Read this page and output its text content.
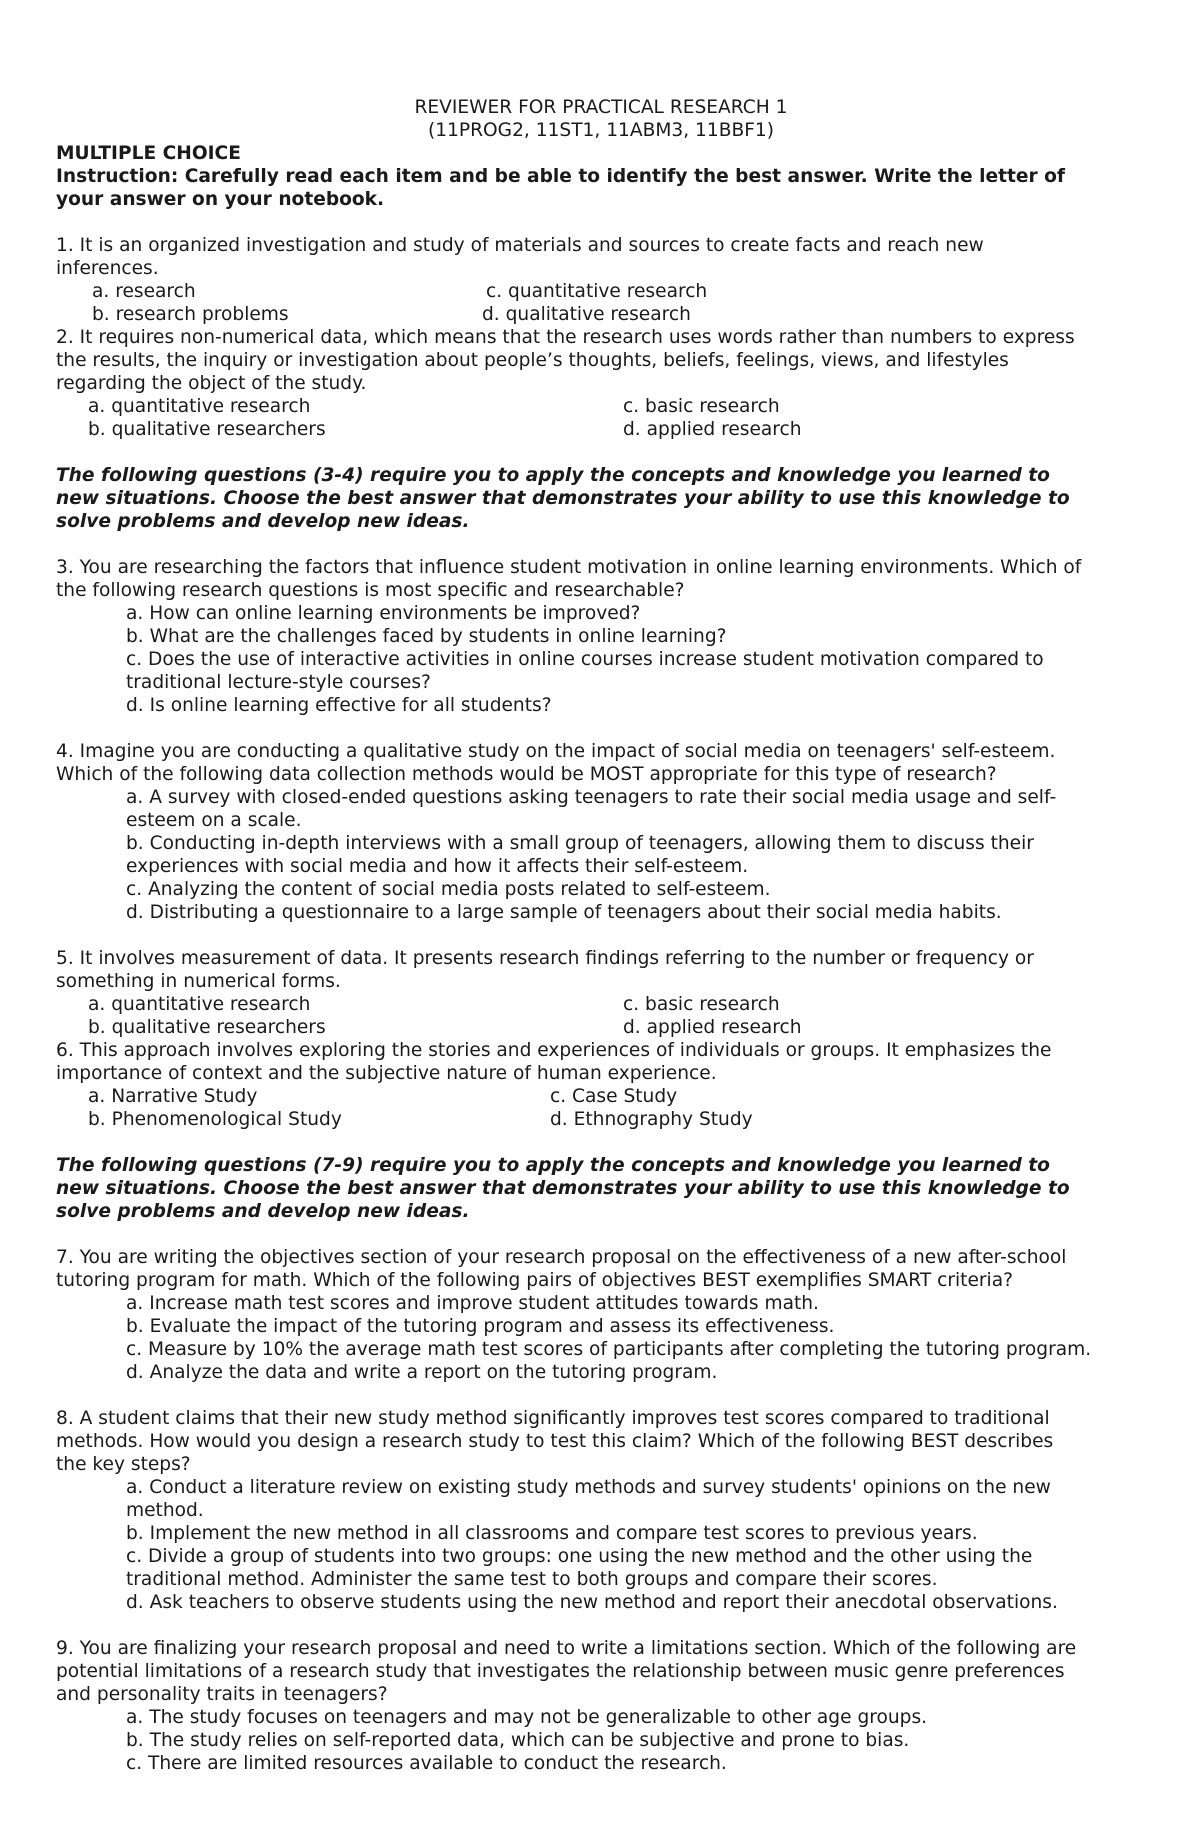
REVIEWER FOR PRACTICAL RESEARCH 1
(11PROG2, 11ST1, 11ABM3, 11BBF1)
MULTIPLE CHOICE
Instruction: Carefully read each item and be able to identify the best answer. Write the letter of
your answer on your notebook.
1. It is an organized investigation and study of materials and sources to create facts and reach new
inferences.
a. research	c. quantitative research
b. research problems	d. qualitative research
2. It requires non-numerical data, which means that the research uses words rather than numbers to express
the results, the inquiry or investigation about people’s thoughts, beliefs, feelings, views, and lifestyles
regarding the object of the study.
a. quantitative research	c. basic research
b. qualitative researchers	d. applied research
The following questions (3-4) require you to apply the concepts and knowledge you learned to
new situations. Choose the best answer that demonstrates your ability to use this knowledge to
solve problems and develop new ideas.
3. You are researching the factors that influence student motivation in online learning environments. Which of
the following research questions is most specific and researchable?
a. How can online learning environments be improved?
b. What are the challenges faced by students in online learning?
c. Does the use of interactive activities in online courses increase student motivation compared to
traditional lecture-style courses?
d. Is online learning effective for all students?
4. Imagine you are conducting a qualitative study on the impact of social media on teenagers' self-esteem.
Which of the following data collection methods would be MOST appropriate for this type of research?
a. A survey with closed-ended questions asking teenagers to rate their social media usage and self-
esteem on a scale.
b. Conducting in-depth interviews with a small group of teenagers, allowing them to discuss their
experiences with social media and how it affects their self-esteem.
c. Analyzing the content of social media posts related to self-esteem.
d. Distributing a questionnaire to a large sample of teenagers about their social media habits.
5. It involves measurement of data. It presents research findings referring to the number or frequency or
something in numerical forms.
a. quantitative research	c. basic research
b. qualitative researchers	d. applied research
6. This approach involves exploring the stories and experiences of individuals or groups. It emphasizes the
importance of context and the subjective nature of human experience.
a. Narrative Study	c. Case Study
b. Phenomenological Study	d. Ethnography Study
The following questions (7-9) require you to apply the concepts and knowledge you learned to
new situations. Choose the best answer that demonstrates your ability to use this knowledge to
solve problems and develop new ideas.
7. You are writing the objectives section of your research proposal on the effectiveness of a new after-school
tutoring program for math. Which of the following pairs of objectives BEST exemplifies SMART criteria?
a. Increase math test scores and improve student attitudes towards math.
b. Evaluate the impact of the tutoring program and assess its effectiveness.
c. Measure by 10% the average math test scores of participants after completing the tutoring program.
d. Analyze the data and write a report on the tutoring program.
8. A student claims that their new study method significantly improves test scores compared to traditional
methods. How would you design a research study to test this claim? Which of the following BEST describes
the key steps?
a. Conduct a literature review on existing study methods and survey students' opinions on the new
method.
b. Implement the new method in all classrooms and compare test scores to previous years.
c. Divide a group of students into two groups: one using the new method and the other using the
traditional method. Administer the same test to both groups and compare their scores.
d. Ask teachers to observe students using the new method and report their anecdotal observations.
9. You are finalizing your research proposal and need to write a limitations section. Which of the following are
potential limitations of a research study that investigates the relationship between music genre preferences
and personality traits in teenagers?
a. The study focuses on teenagers and may not be generalizable to other age groups.
b. The study relies on self-reported data, which can be subjective and prone to bias.
c. There are limited resources available to conduct the research.
